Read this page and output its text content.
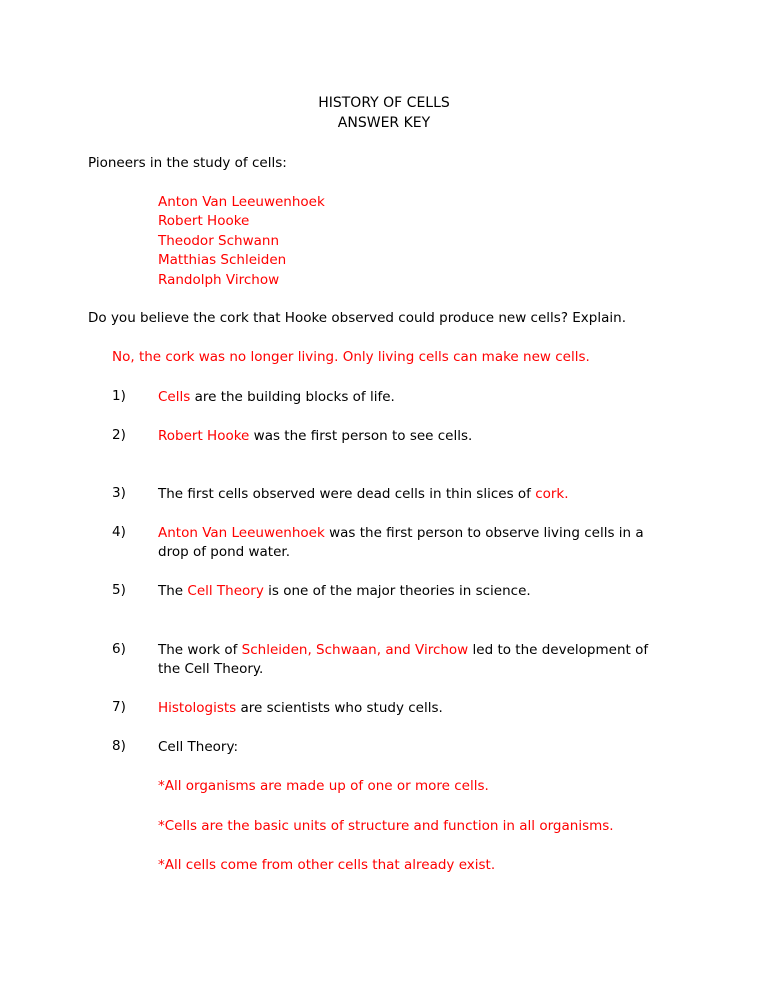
HISTORY OF CELLS
ANSWER KEY
Pioneers in the study of cells:
Anton Van Leeuwenhoek
Robert Hooke
Theodor Schwann
Matthias Schleiden
Randolph Virchow
Do you believe the cork that Hooke observed could produce new cells? Explain.
No, the cork was no longer living. Only living cells can make new cells.
1) Cells are the building blocks of life.
2) Robert Hooke was the first person to see cells.
3) The first cells observed were dead cells in thin slices of cork.
4) Anton Van Leeuwenhoek was the first person to observe living cells in a drop of pond water.
5) The Cell Theory is one of the major theories in science.
6) The work of Schleiden, Schwaan, and Virchow led to the development of the Cell Theory.
7) Histologists are scientists who study cells.
8) Cell Theory:
*All organisms are made up of one or more cells.
*Cells are the basic units of structure and function in all organisms.
*All cells come from other cells that already exist.
